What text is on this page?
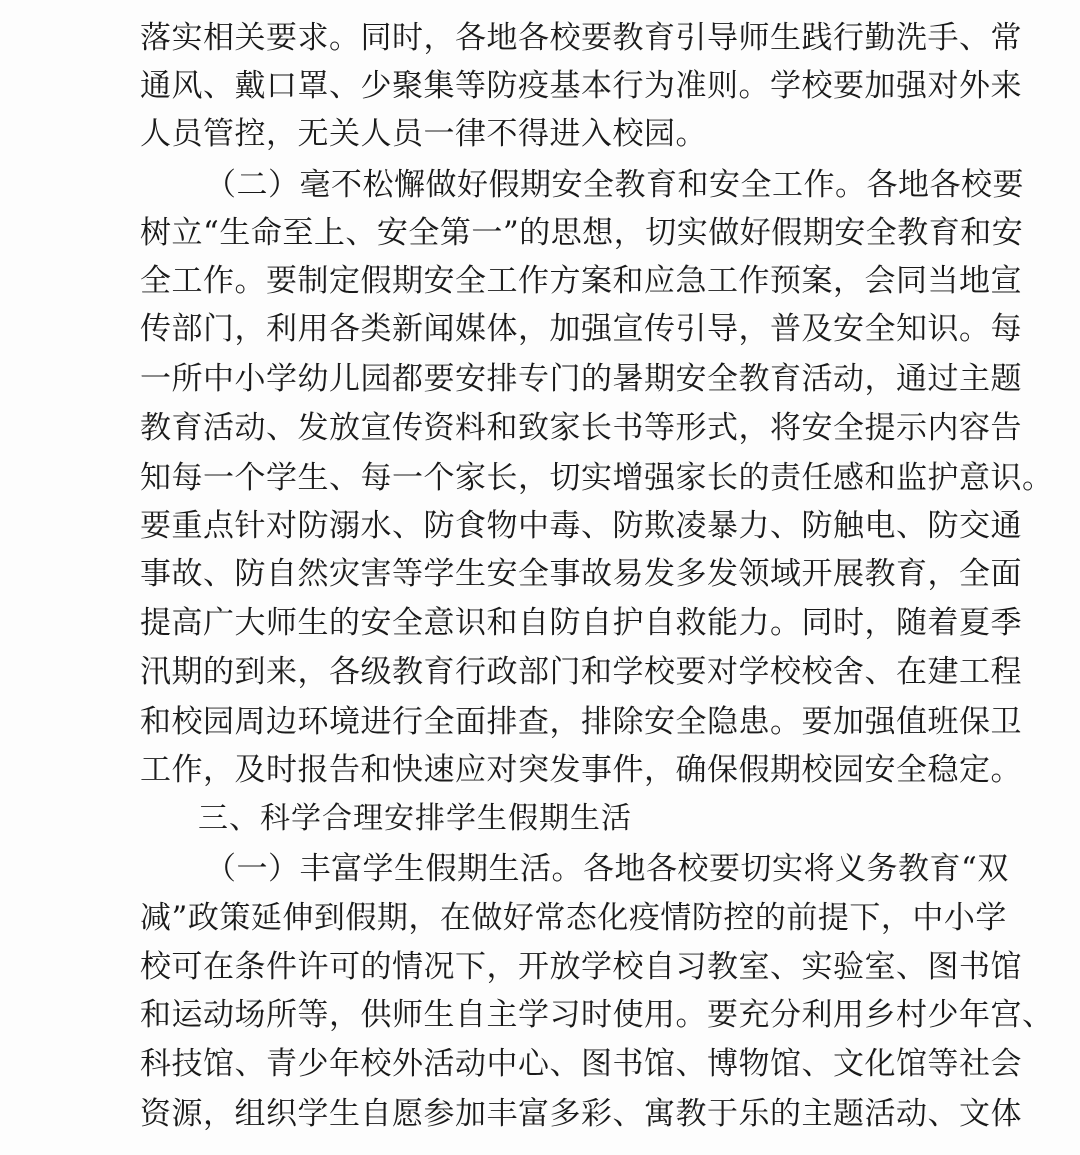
落实相关要求。同时，各地各校要教育引导师生践行勤洗手、常
通风、戴口罩、少聚集等防疫基本行为准则。学校要加强对外来
人员管控，无关人员一律不得进入校园。
（二）毫不松懈做好假期安全教育和安全工作。各地各校要
树立“生命至上、安全第一”的思想，切实做好假期安全教育和安
全工作。要制定假期安全工作方案和应急工作预案，会同当地宣
传部门，利用各类新闻媒体，加强宣传引导，普及安全知识。每
一所中小学幼儿园都要安排专门的暑期安全教育活动，通过主题
教育活动、发放宣传资料和致家长书等形式，将安全提示内容告
知每一个学生、每一个家长，切实增强家长的责任感和监护意识。
要重点针对防溺水、防食物中毒、防欺凌暴力、防触电、防交通
事故、防自然灾害等学生安全事故易发多发领域开展教育，全面
提高广大师生的安全意识和自防自护自救能力。同时，随着夏季
汛期的到来，各级教育行政部门和学校要对学校校舍、在建工程
和校园周边环境进行全面排查，排除安全隐患。要加强值班保卫
工作，及时报告和快速应对突发事件，确保假期校园安全稳定。
三、科学合理安排学生假期生活
（一）丰富学生假期生活。各地各校要切实将义务教育“双
减”政策延伸到假期，在做好常态化疫情防控的前提下，中小学
校可在条件许可的情况下，开放学校自习教室、实验室、图书馆
和运动场所等，供师生自主学习时使用。要充分利用乡村少年宫、
科技馆、青少年校外活动中心、图书馆、博物馆、文化馆等社会
资源，组织学生自愿参加丰富多彩、寓教于乐的主题活动、文体
